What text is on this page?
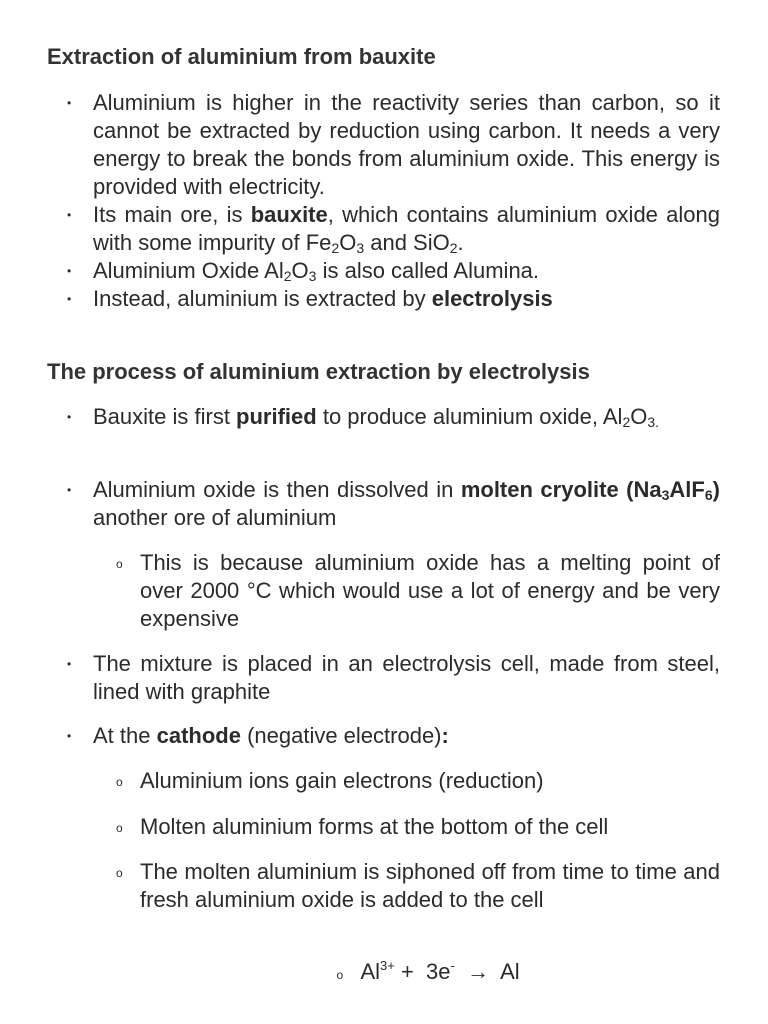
Extraction of aluminium from bauxite
• Aluminium is higher in the reactivity series than carbon, so it cannot be extracted by reduction using carbon. It needs a very energy to break the bonds from aluminium oxide. This energy is provided with electricity.
• Its main ore, is bauxite, which contains aluminium oxide along with some impurity of $Fe_2O_3$ and SiO$_2$.
• Aluminium Oxide $Al_2O_3$ is also called Alumina.
• Instead, aluminium is extracted by electrolysis
The process of aluminium extraction by electrolysis
• Bauxite is first purified to produce aluminium oxide, $Al_2O_{3.}$
• Aluminium oxide is then dissolved in molten cryolite $(Na_3AlF_6)$ another ore of aluminium
o This is because aluminium oxide has a melting point of over 2000 °C which would use a lot of energy and be very expensive
• The mixture is placed in an electrolysis cell, made from steel, lined with graphite
• At the cathode (negative electrode):
o Aluminium ions gain electrons (reduction)
o Molten aluminium forms at the bottom of the cell
o The molten aluminium is siphoned off from time to time and fresh aluminium oxide is added to the cell

o $Al^{3+} + 3e^- \to Al$
